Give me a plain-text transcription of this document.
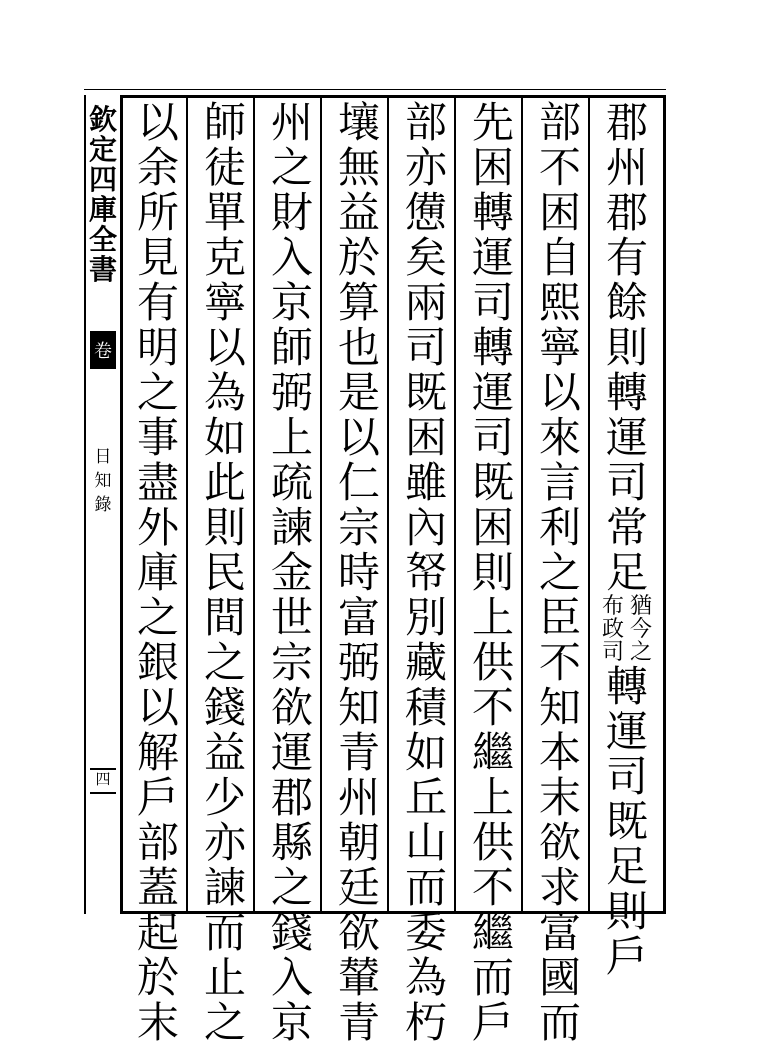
欽
定
四
庫
全
書
卷
日
知
錄
四
郡
州
郡
有
餘
則
轉
運
司
常
足
猶
今
之
布
政
司
轉
運
司
既
足
則
戶
部
不
困
自
熙
寧
以
來
言
利
之
臣
不
知
本
末
欲
求
富
國
而
先
困
轉
運
司
轉
運
司
既
困
則
上
供
不
繼
上
供
不
繼
而
戶
部
亦
憊
矣
兩
司
既
困
雖
內
帑
別
藏
積
如
丘
山
而
委
為
朽
壤
無
益
於
算
也
是
以
仁
宗
時
富
弼
知
青
州
朝
廷
欲
輦
青
州
之
財
入
京
師
弼
上
疏
諫
金
世
宗
欲
運
郡
縣
之
錢
入
京
師
徒
單
克
寧
以
為
如
此
則
民
間
之
錢
益
少
亦
諫
而
止
之
以
余
所
見
有
明
之
事
盡
外
庫
之
銀
以
解
戶
部
蓋
起
於
末
